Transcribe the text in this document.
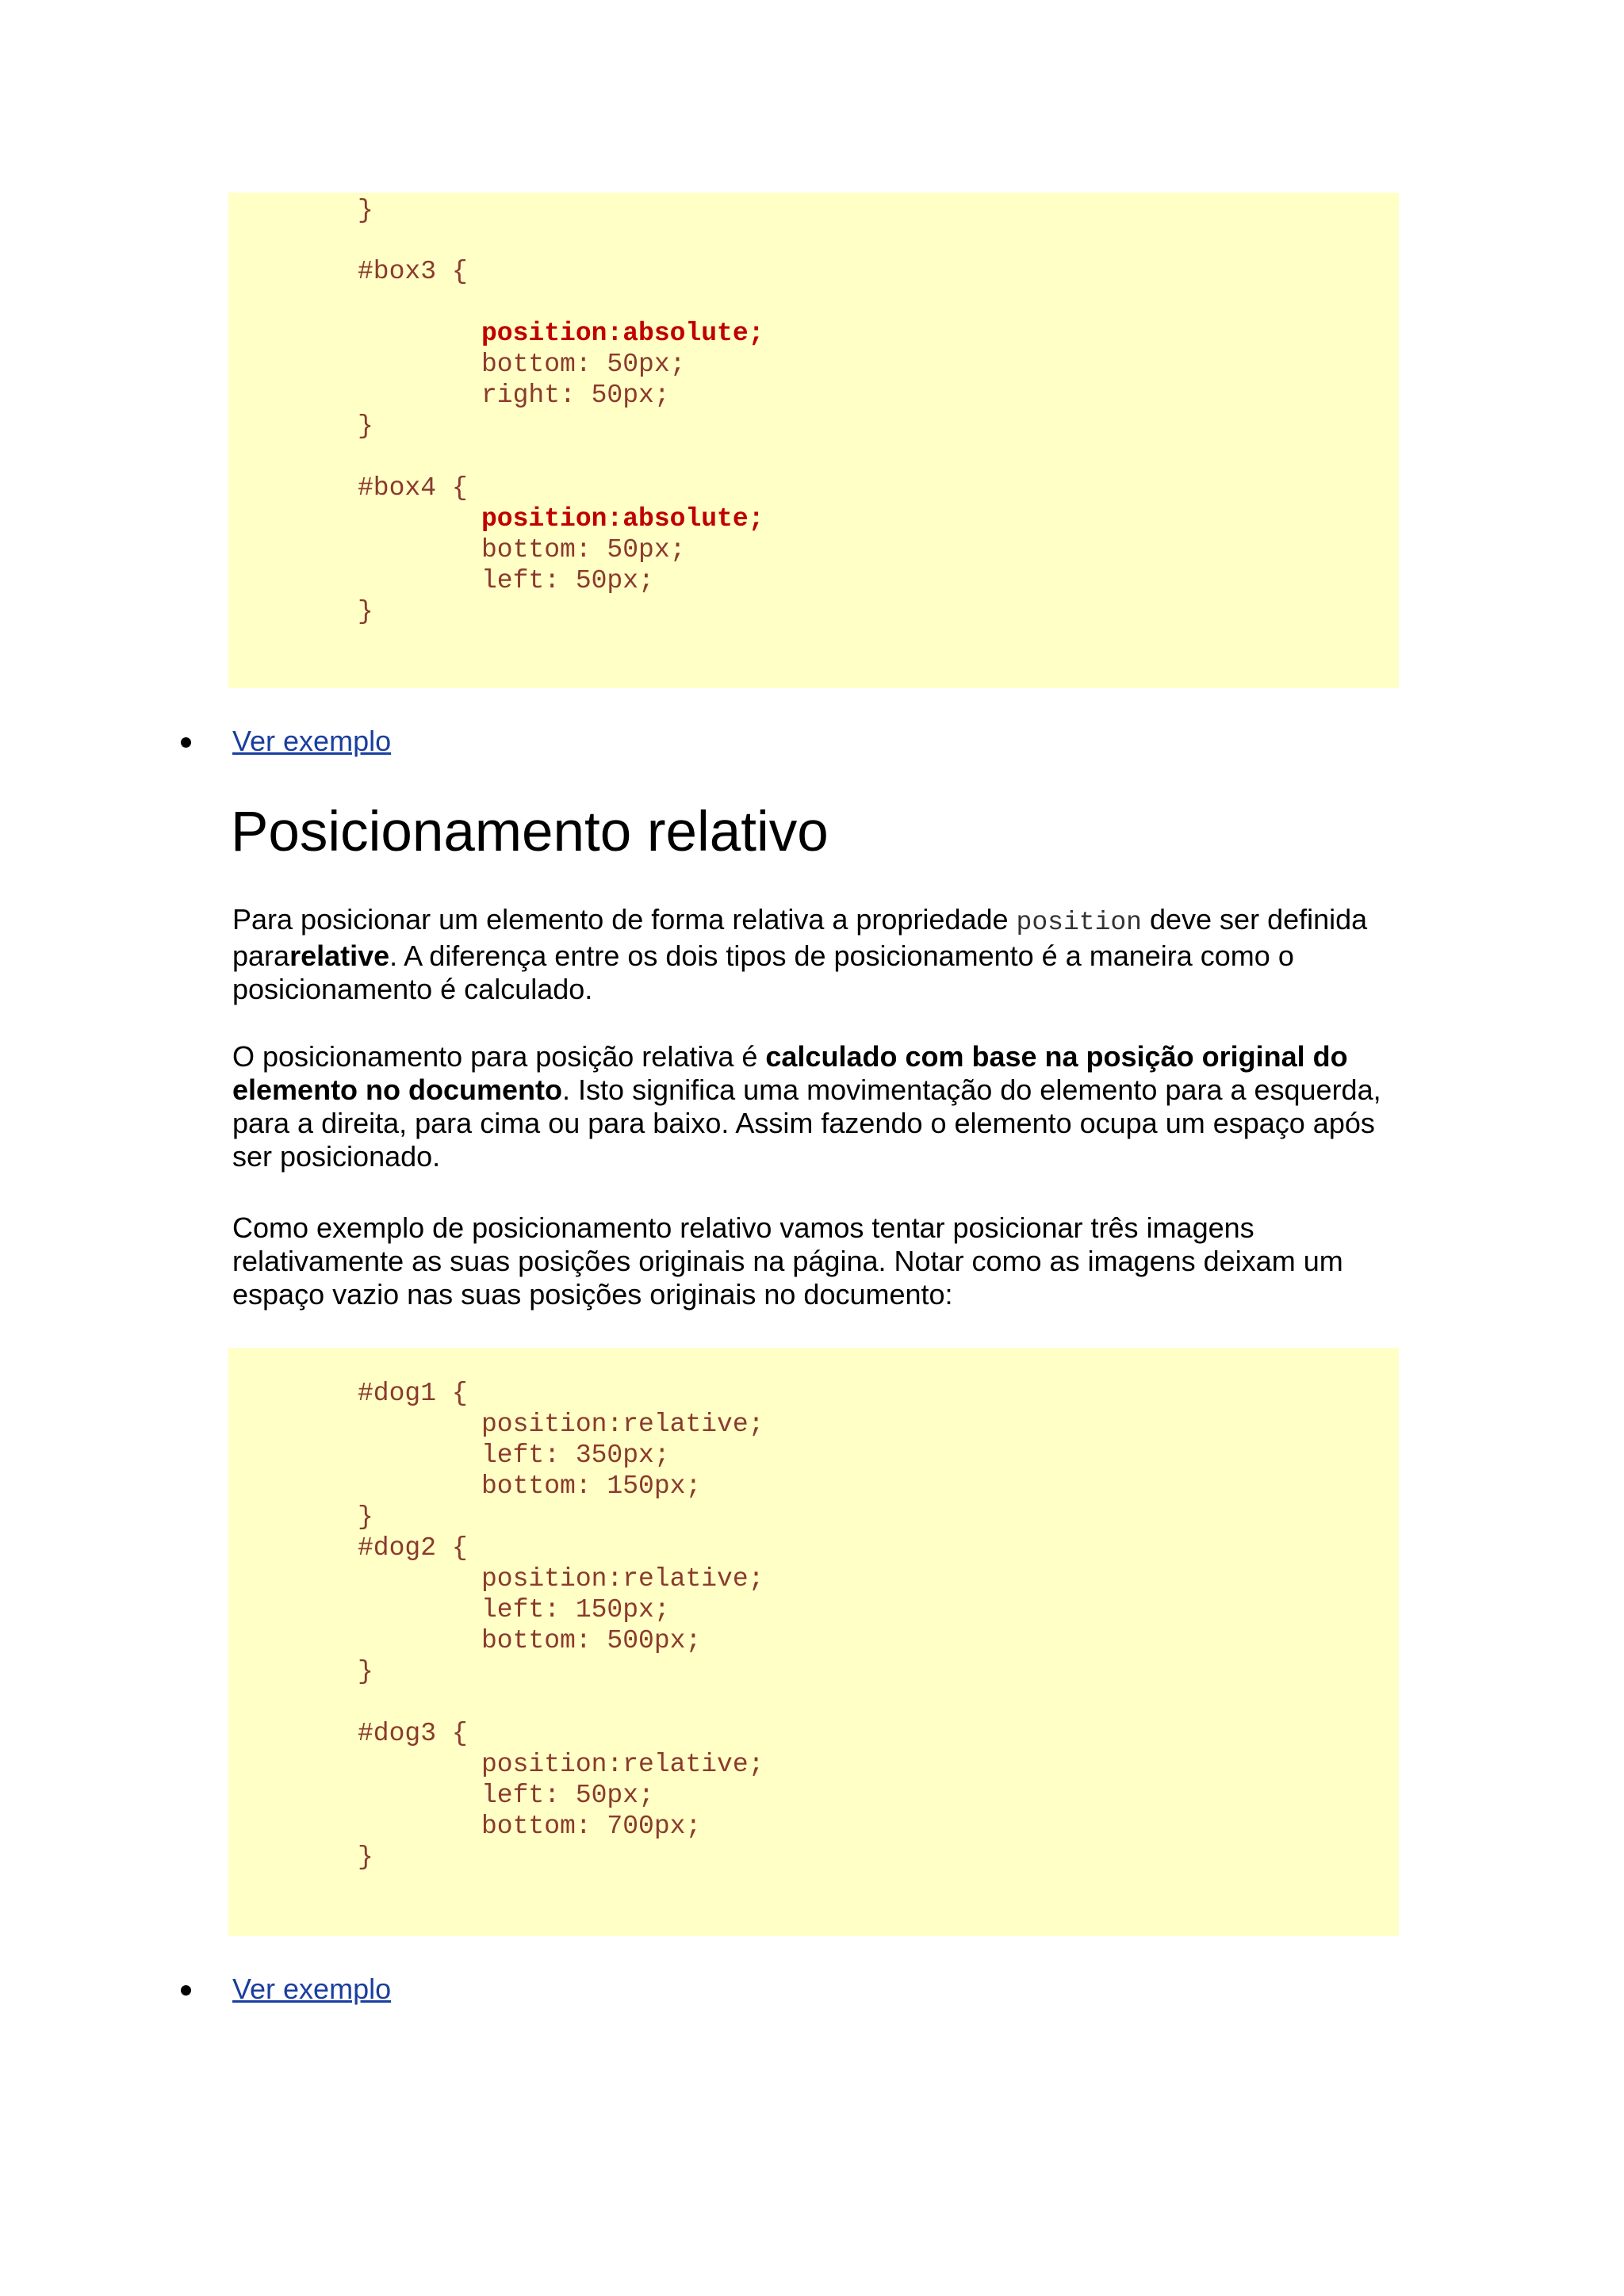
}
#box3 {
position:absolute;
bottom: 50px;
right: 50px;
}
#box4 {
position:absolute;
bottom: 50px;
left: 50px;
}
Ver exemplo
Posicionamento relativo

Para posicionar um elemento de forma relativa a propriedade position deve ser definida pararelative. A diferença entre os dois tipos de posicionamento é a maneira como o posicionamento é calculado.

O posicionamento para posição relativa é calculado com base na posição original do elemento no documento. Isto significa uma movimentação do elemento para a esquerda, para a direita, para cima ou para baixo. Assim fazendo o elemento ocupa um espaço após ser posicionado.

Como exemplo de posicionamento relativo vamos tentar posicionar três imagens relativamente as suas posições originais na página. Notar como as imagens deixam um espaço vazio nas suas posições originais no documento:

#dog1 {
position:relative;
left: 350px;
bottom: 150px;
}
#dog2 {
position:relative;
left: 150px;
bottom: 500px;
}
#dog3 {
position:relative;
left: 50px;
bottom: 700px;
}
Ver exemplo
